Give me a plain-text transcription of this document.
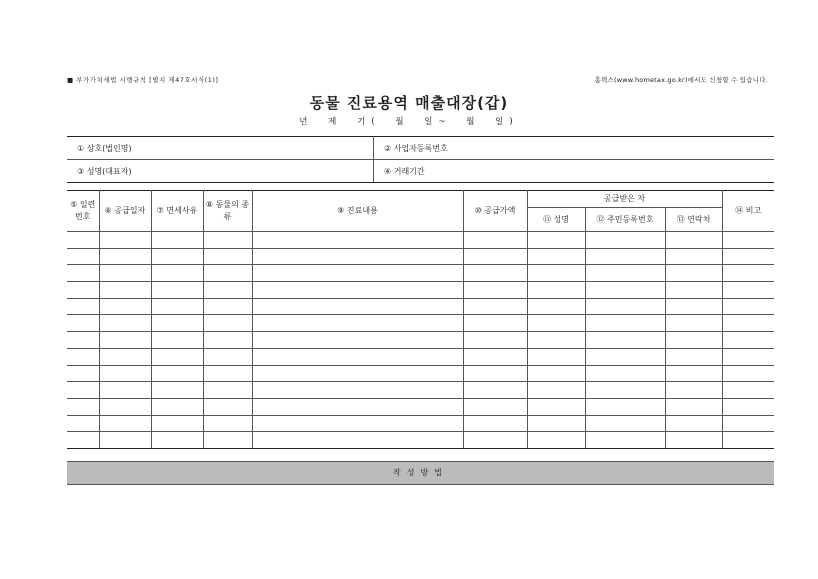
■ 부가가치세법 시행규칙 [별지 제47호서식(1)]	홈택스(www.hometax.go.kr)에서도 신청할 수 있습니다.
동물 진료용역 매출대장(갑)
년 제 기( 월 일~ 월 일)
① 상호(법인명)	② 사업자등록번호
③ 성명(대표자)	④ 거래기간
⑤ 일련번호	⑥ 공급일자	⑦ 면세사유	⑧ 동물의 종류	⑨ 진료내용	⑩ 공급가액	공급받은 자			⑭ 비고
						⑪ 성명	⑫ 주민등록번호	⑬ 연락처	

작성방법
